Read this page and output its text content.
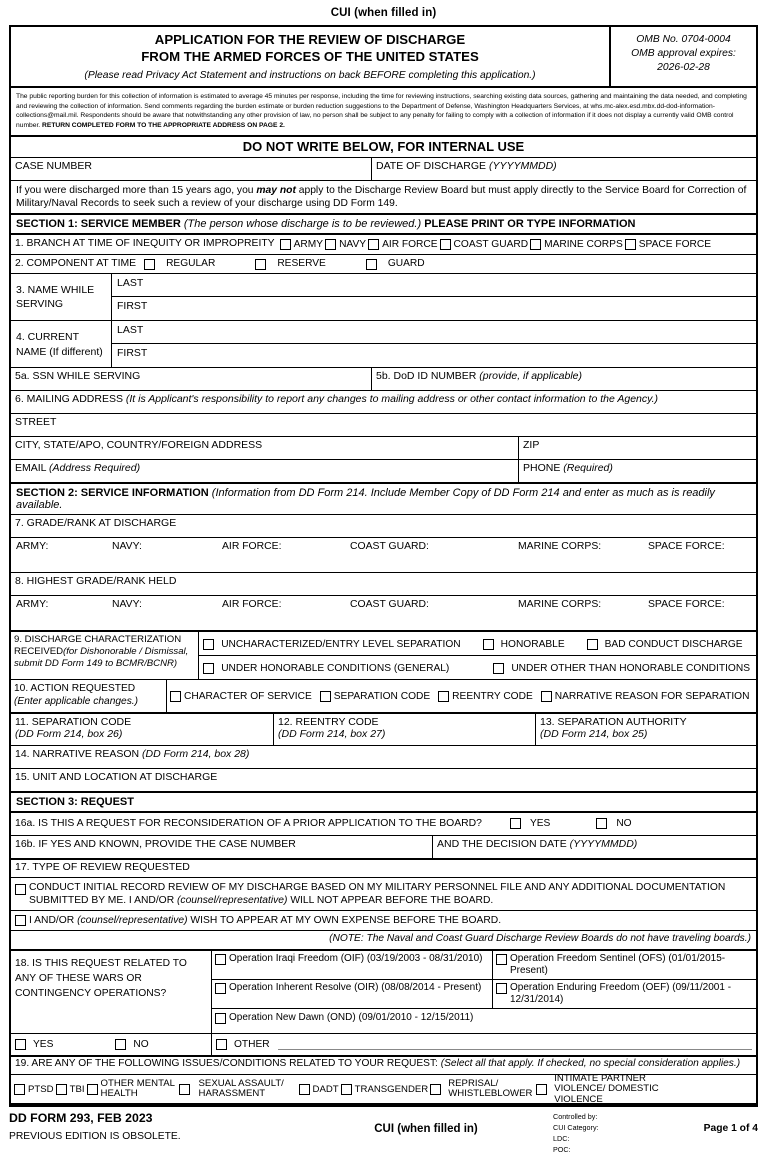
CUI (when filled in)
APPLICATION FOR THE REVIEW OF DISCHARGE
FROM THE ARMED FORCES OF THE UNITED STATES
(Please read Privacy Act Statement and instructions on back BEFORE completing this application.)
OMB No. 0704-0004
OMB approval expires:
2026-02-28
The public reporting burden for this collection of information is estimated to average 45 minutes per response, including the time for reviewing instructions, searching existing data sources, gathering and maintaining the data needed, and completing and reviewing the collection of information. Send comments regarding the burden estimate or burden reduction suggestions to the Department of Defense, Washington Headquarters Services, at whs.mc-alex.esd.mbx.dd-dod-information-collections@mail.mil. Respondents should be aware that notwithstanding any other provision of law, no person shall be subject to any penalty for failing to comply with a collection of information if it does not display a currently valid OMB control number. RETURN COMPLETED FORM TO THE APPROPRIATE ADDRESS ON PAGE 2.
DO NOT WRITE BELOW, FOR INTERNAL USE
CASE NUMBER	DATE OF DISCHARGE (YYYYMMDD)
If you were discharged more than 15 years ago, you may not apply to the Discharge Review Board but must apply directly to the Service Board for Correction of Military/Naval Records to seek such a review of your discharge using DD Form 149.
SECTION 1: SERVICE MEMBER (The person whose discharge is to be reviewed.) PLEASE PRINT OR TYPE INFORMATION
1. BRANCH AT TIME OF INEQUITY OR IMPROPREITY ARMY NAVY AIR FORCE COAST GUARD MARINE CORPS SPACE FORCE
2. COMPONENT AT TIME	REGULAR	RESERVE	GUARD
3. NAME WHILE SERVING
LAST
FIRST
4. CURRENT
NAME (If different)
LAST
FIRST
5a. SSN WHILE SERVING	5b. DoD ID NUMBER (provide, if applicable)
6. MAILING ADDRESS (It is Applicant's responsibility to report any changes to mailing address or other contact information to the Agency.)
STREET
CITY, STATE/APO, COUNTRY/FOREIGN ADDRESS	ZIP
EMAIL (Address Required)	PHONE (Required)
SECTION 2: SERVICE INFORMATION (Information from DD Form 214. Include Member Copy of DD Form 214 and enter as much as is readily available.
7. GRADE/RANK AT DISCHARGE
ARMY:	NAVY:	AIR FORCE:	COAST GUARD:	MARINE CORPS:	SPACE FORCE:
8. HIGHEST GRADE/RANK HELD
ARMY:	NAVY:	AIR FORCE:	COAST GUARD:	MARINE CORPS:	SPACE FORCE:
9. DISCHARGE CHARACTERIZATION RECEIVED(for Dishonorable / Dismissal, submit DD Form 149 to BCMR/BCNR)
UNCHARACTERIZED/ENTRY LEVEL SEPARATION	HONORABLE	BAD CONDUCT DISCHARGE
UNDER HONORABLE CONDITIONS (GENERAL)	UNDER OTHER THAN HONORABLE CONDITIONS
10. ACTION REQUESTED
(Enter applicable changes.)	CHARACTER OF SERVICE SEPARATION CODE REENTRY CODE NARRATIVE REASON FOR SEPARATION
11. SEPARATION CODE
(DD Form 214, box 26)
12. REENTRY CODE
(DD Form 214, box 27)
13. SEPARATION AUTHORITY
(DD Form 214, box 25)
14. NARRATIVE REASON (DD Form 214, box 28)
15. UNIT AND LOCATION AT DISCHARGE
SECTION 3: REQUEST
16a. IS THIS A REQUEST FOR RECONSIDERATION OF A PRIOR APPLICATION TO THE BOARD?	YES	NO
16b. IF YES AND KNOWN, PROVIDE THE CASE NUMBER	AND THE DECISION DATE (YYYYMMDD)
17. TYPE OF REVIEW REQUESTED
CONDUCT INITIAL RECORD REVIEW OF MY DISCHARGE BASED ON MY MILITARY PERSONNEL FILE AND ANY ADDITIONAL DOCUMENTATION SUBMITTED BY ME. I AND/OR (counsel/representative) WILL NOT APPEAR BEFORE THE BOARD.
I AND/OR (counsel/representative) WISH TO APPEAR AT MY OWN EXPENSE BEFORE THE BOARD.
(NOTE: The Naval and Coast Guard Discharge Review Boards do not have traveling boards.)
18. IS THIS REQUEST RELATED TO ANY OF THESE WARS OR CONTINGENCY OPERATIONS?
Operation Iraqi Freedom (OIF) (03/19/2003 - 08/31/2010)	Operation Freedom Sentinel (OFS) (01/01/2015-Present)
Operation Inherent Resolve (OIR) (08/08/2014 - Present)	Operation Enduring Freedom (OEF) (09/11/2001 - 12/31/2014)
Operation New Dawn (OND) (09/01/2010 - 12/15/2011)
YES	NO	OTHER
19. ARE ANY OF THE FOLLOWING ISSUES/CONDITIONS RELATED TO YOUR REQUEST: (Select all that apply. If checked, no special consideration applies.)
PTSD TBI
OTHER MENTAL HEALTH
SEXUAL ASSAULT/ HARASSMENT	DADT TRANSGENDER
REPRISAL/ WHISTLEBLOWER
INTIMATE PARTNER VIOLENCE/ DOMESTIC VIOLENCE
DD FORM 293, FEB 2023
PREVIOUS EDITION IS OBSOLETE.
CUI (when filled in)
Controlled by:
CUI Category:
LDC:
POC:
Page 1 of 4
